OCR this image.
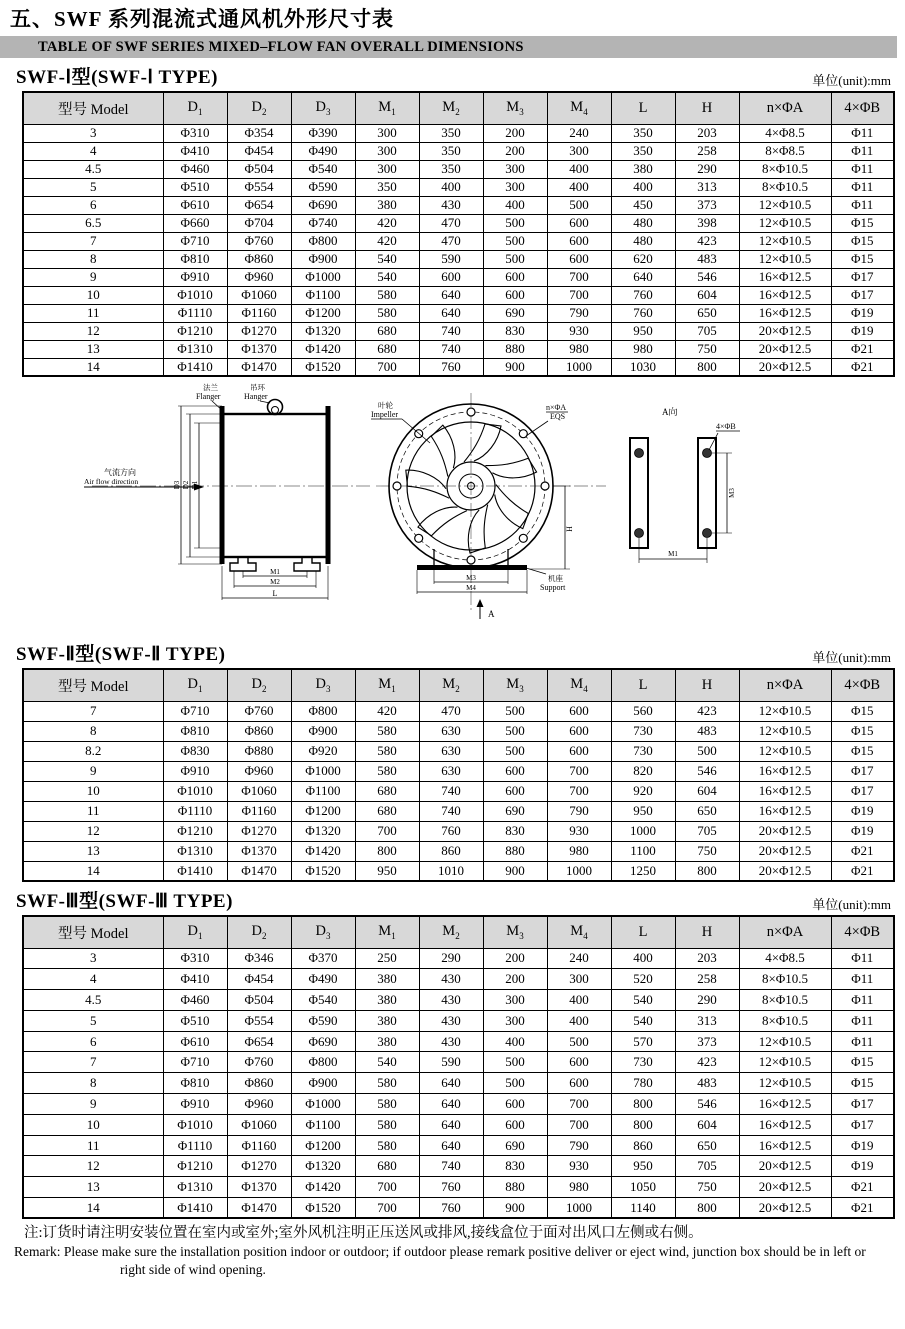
五、SWF 系列混流式通风机外形尺寸表
TABLE OF SWF SERIES MIXED–FLOW FAN OVERALL DIMENSIONS
SWF-Ⅰ型(SWF-Ⅰ TYPE)	单位(unit):mm
型号 Model	$D_1$	$D_2$	$D_3$	$M_1$	$M_2$	$M_3$	$M_4$	L	H	n×ΦA	4×ΦB
3	Φ310	Φ354	Φ390	300	350	200	240	350	203	4×Φ8.5	Φ11
4	Φ410	Φ454	Φ490	300	350	200	300	350	258	8×Φ8.5	Φ11
4.5	Φ460	Φ504	Φ540	300	350	300	400	380	290	8×Φ10.5	Φ11
5	Φ510	Φ554	Φ590	350	400	300	400	400	313	8×Φ10.5	Φ11
6	Φ610	Φ654	Φ690	380	430	400	500	450	373	12×Φ10.5	Φ11
6.5	Φ660	Φ704	Φ740	420	470	500	600	480	398	12×Φ10.5	Φ15
7	Φ710	Φ760	Φ800	420	470	500	600	480	423	12×Φ10.5	Φ15
8	Φ810	Φ860	Φ900	540	590	500	600	620	483	12×Φ10.5	Φ15
9	Φ910	Φ960	Φ1000	540	600	600	700	640	546	16×Φ12.5	Φ17
10	Φ1010	Φ1060	Φ1100	580	640	600	700	760	604	16×Φ12.5	Φ17
11	Φ1110	Φ1160	Φ1200	580	640	690	790	760	650	16×Φ12.5	Φ19
12	Φ1210	Φ1270	Φ1320	680	740	830	930	950	705	20×Φ12.5	Φ19
13	Φ1310	Φ1370	Φ1420	680	740	880	980	980	750	20×Φ12.5	Φ21
14	Φ1410	Φ1470	Φ1520	700	760	900	1000	1030	800	20×Φ12.5	Φ21
法兰
Flanger
吊环
Hanger
气流方向
Air flow direction	D3 D2 D1
M1
M2
L
叶轮
Impeller
n×ΦA
EQS
机座
Support
H
M3
M4
A
A向
4×ΦB
M3
M1
SWF-Ⅱ型(SWF-Ⅱ TYPE)	单位(unit):mm
型号 Model	$D_1$	$D_2$	$D_3$	$M_1$	$M_2$	$M_3$	$M_4$	L	H	n×ΦA	4×ΦB
7	Φ710	Φ760	Φ800	420	470	500	600	560	423	12×Φ10.5	Φ15
8	Φ810	Φ860	Φ900	580	630	500	600	730	483	12×Φ10.5	Φ15
8.2	Φ830	Φ880	Φ920	580	630	500	600	730	500	12×Φ10.5	Φ15
9	Φ910	Φ960	Φ1000	580	630	600	700	820	546	16×Φ12.5	Φ17
10	Φ1010	Φ1060	Φ1100	680	740	600	700	920	604	16×Φ12.5	Φ17
11	Φ1110	Φ1160	Φ1200	680	740	690	790	950	650	16×Φ12.5	Φ19
12	Φ1210	Φ1270	Φ1320	700	760	830	930	1000	705	20×Φ12.5	Φ19
13	Φ1310	Φ1370	Φ1420	800	860	880	980	1100	750	20×Φ12.5	Φ21
14	Φ1410	Φ1470	Φ1520	950	1010	900	1000	1250	800	20×Φ12.5	Φ21
SWF-Ⅲ型(SWF-Ⅲ TYPE)	单位(unit):mm
型号 Model	$D_1$	$D_2$	$D_3$	$M_1$	$M_2$	$M_3$	$M_4$	L	H	n×ΦA	4×ΦB
3	Φ310	Φ346	Φ370	250	290	200	240	400	203	4×Φ8.5	Φ11
4	Φ410	Φ454	Φ490	380	430	200	300	520	258	8×Φ10.5	Φ11
4.5	Φ460	Φ504	Φ540	380	430	300	400	540	290	8×Φ10.5	Φ11
5	Φ510	Φ554	Φ590	380	430	300	400	540	313	8×Φ10.5	Φ11
6	Φ610	Φ654	Φ690	380	430	400	500	570	373	12×Φ10.5	Φ11
7	Φ710	Φ760	Φ800	540	590	500	600	730	423	12×Φ10.5	Φ15
8	Φ810	Φ860	Φ900	580	640	500	600	780	483	12×Φ10.5	Φ15
9	Φ910	Φ960	Φ1000	580	640	600	700	800	546	16×Φ12.5	Φ17
10	Φ1010	Φ1060	Φ1100	580	640	600	700	800	604	16×Φ12.5	Φ17
11	Φ1110	Φ1160	Φ1200	580	640	690	790	860	650	16×Φ12.5	Φ19
12	Φ1210	Φ1270	Φ1320	680	740	830	930	950	705	20×Φ12.5	Φ19
13	Φ1310	Φ1370	Φ1420	700	760	880	980	1050	750	20×Φ12.5	Φ21
14	Φ1410	Φ1470	Φ1520	700	760	900	1000	1140	800	20×Φ12.5	Φ21
注:订货时请注明安装位置在室内或室外;室外风机注明正压送风或排风,接线盒位于面对出风口左侧或右侧。
Remark: Please make sure the installation position indoor or outdoor; if outdoor please remark positive deliver or eject wind, junction box should be in left or
right side of wind opening.
